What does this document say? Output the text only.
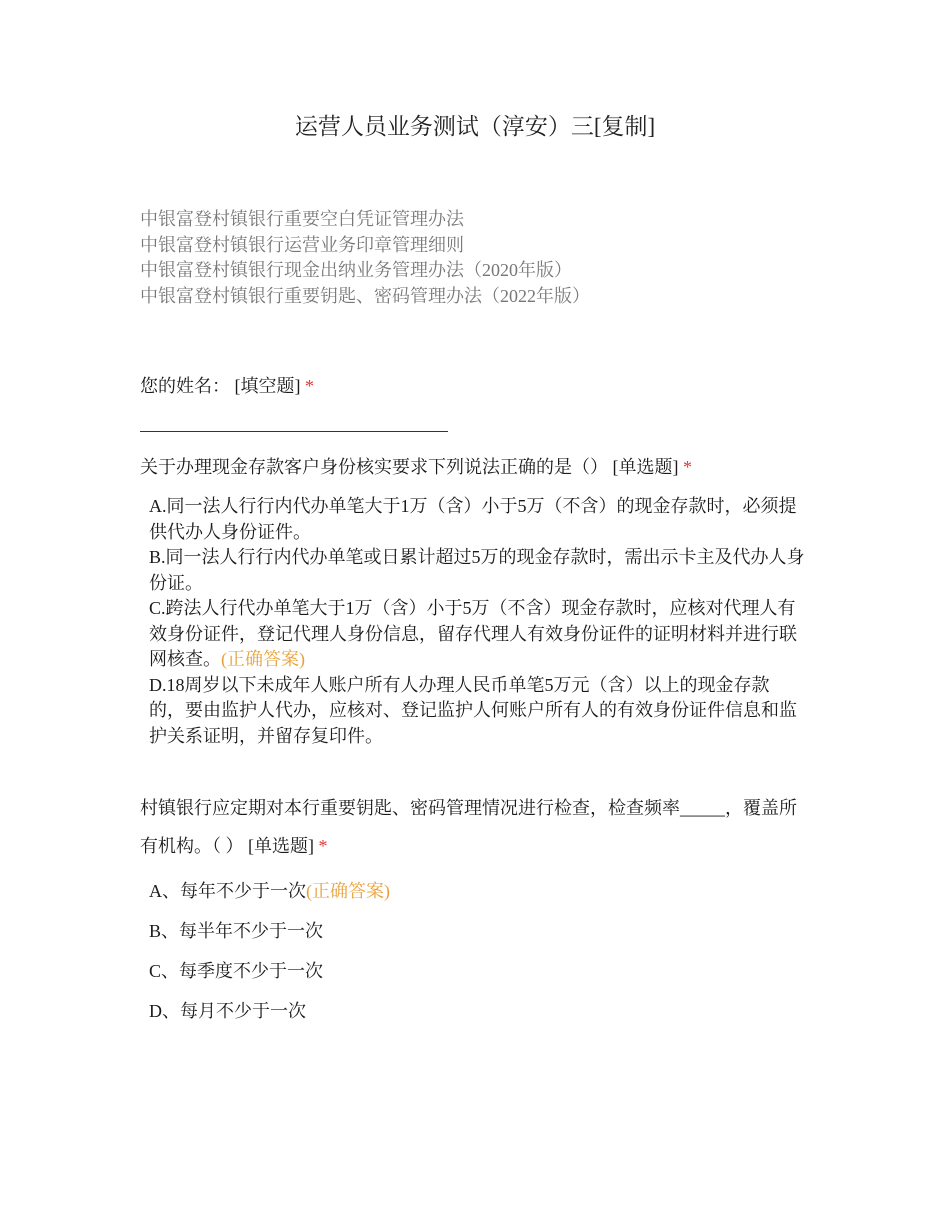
运营人员业务测试（淳安）三[复制]
中银富登村镇银行重要空白凭证管理办法
中银富登村镇银行运营业务印章管理细则
中银富登村镇银行现金出纳业务管理办法（2020年版）
中银富登村镇银行重要钥匙、密码管理办法（2022年版）
您的姓名： [填空题] *
关于办理现金存款客户身份核实要求下列说法正确的是（） [单选题] *
A.同一法人行行内代办单笔大于1万（含）小于5万（不含）的现金存款时，必须提供代办人身份证件。
B.同一法人行行内代办单笔或日累计超过5万的现金存款时，需出示卡主及代办人身份证。
C.跨法人行代办单笔大于1万（含）小于5万（不含）现金存款时，应核对代理人有效身份证件，登记代理人身份信息，留存代理人有效身份证件的证明材料并进行联网核查。(正确答案)
D.18周岁以下未成年人账户所有人办理人民币单笔5万元（含）以上的现金存款的，要由监护人代办，应核对、登记监护人何账户所有人的有效身份证件信息和监护关系证明，并留存复印件。
村镇银行应定期对本行重要钥匙、密码管理情况进行检查，检查频率_____，覆盖所有机构。（ ） [单选题] *
A、每年不少于一次(正确答案)
B、每半年不少于一次
C、每季度不少于一次
D、每月不少于一次
